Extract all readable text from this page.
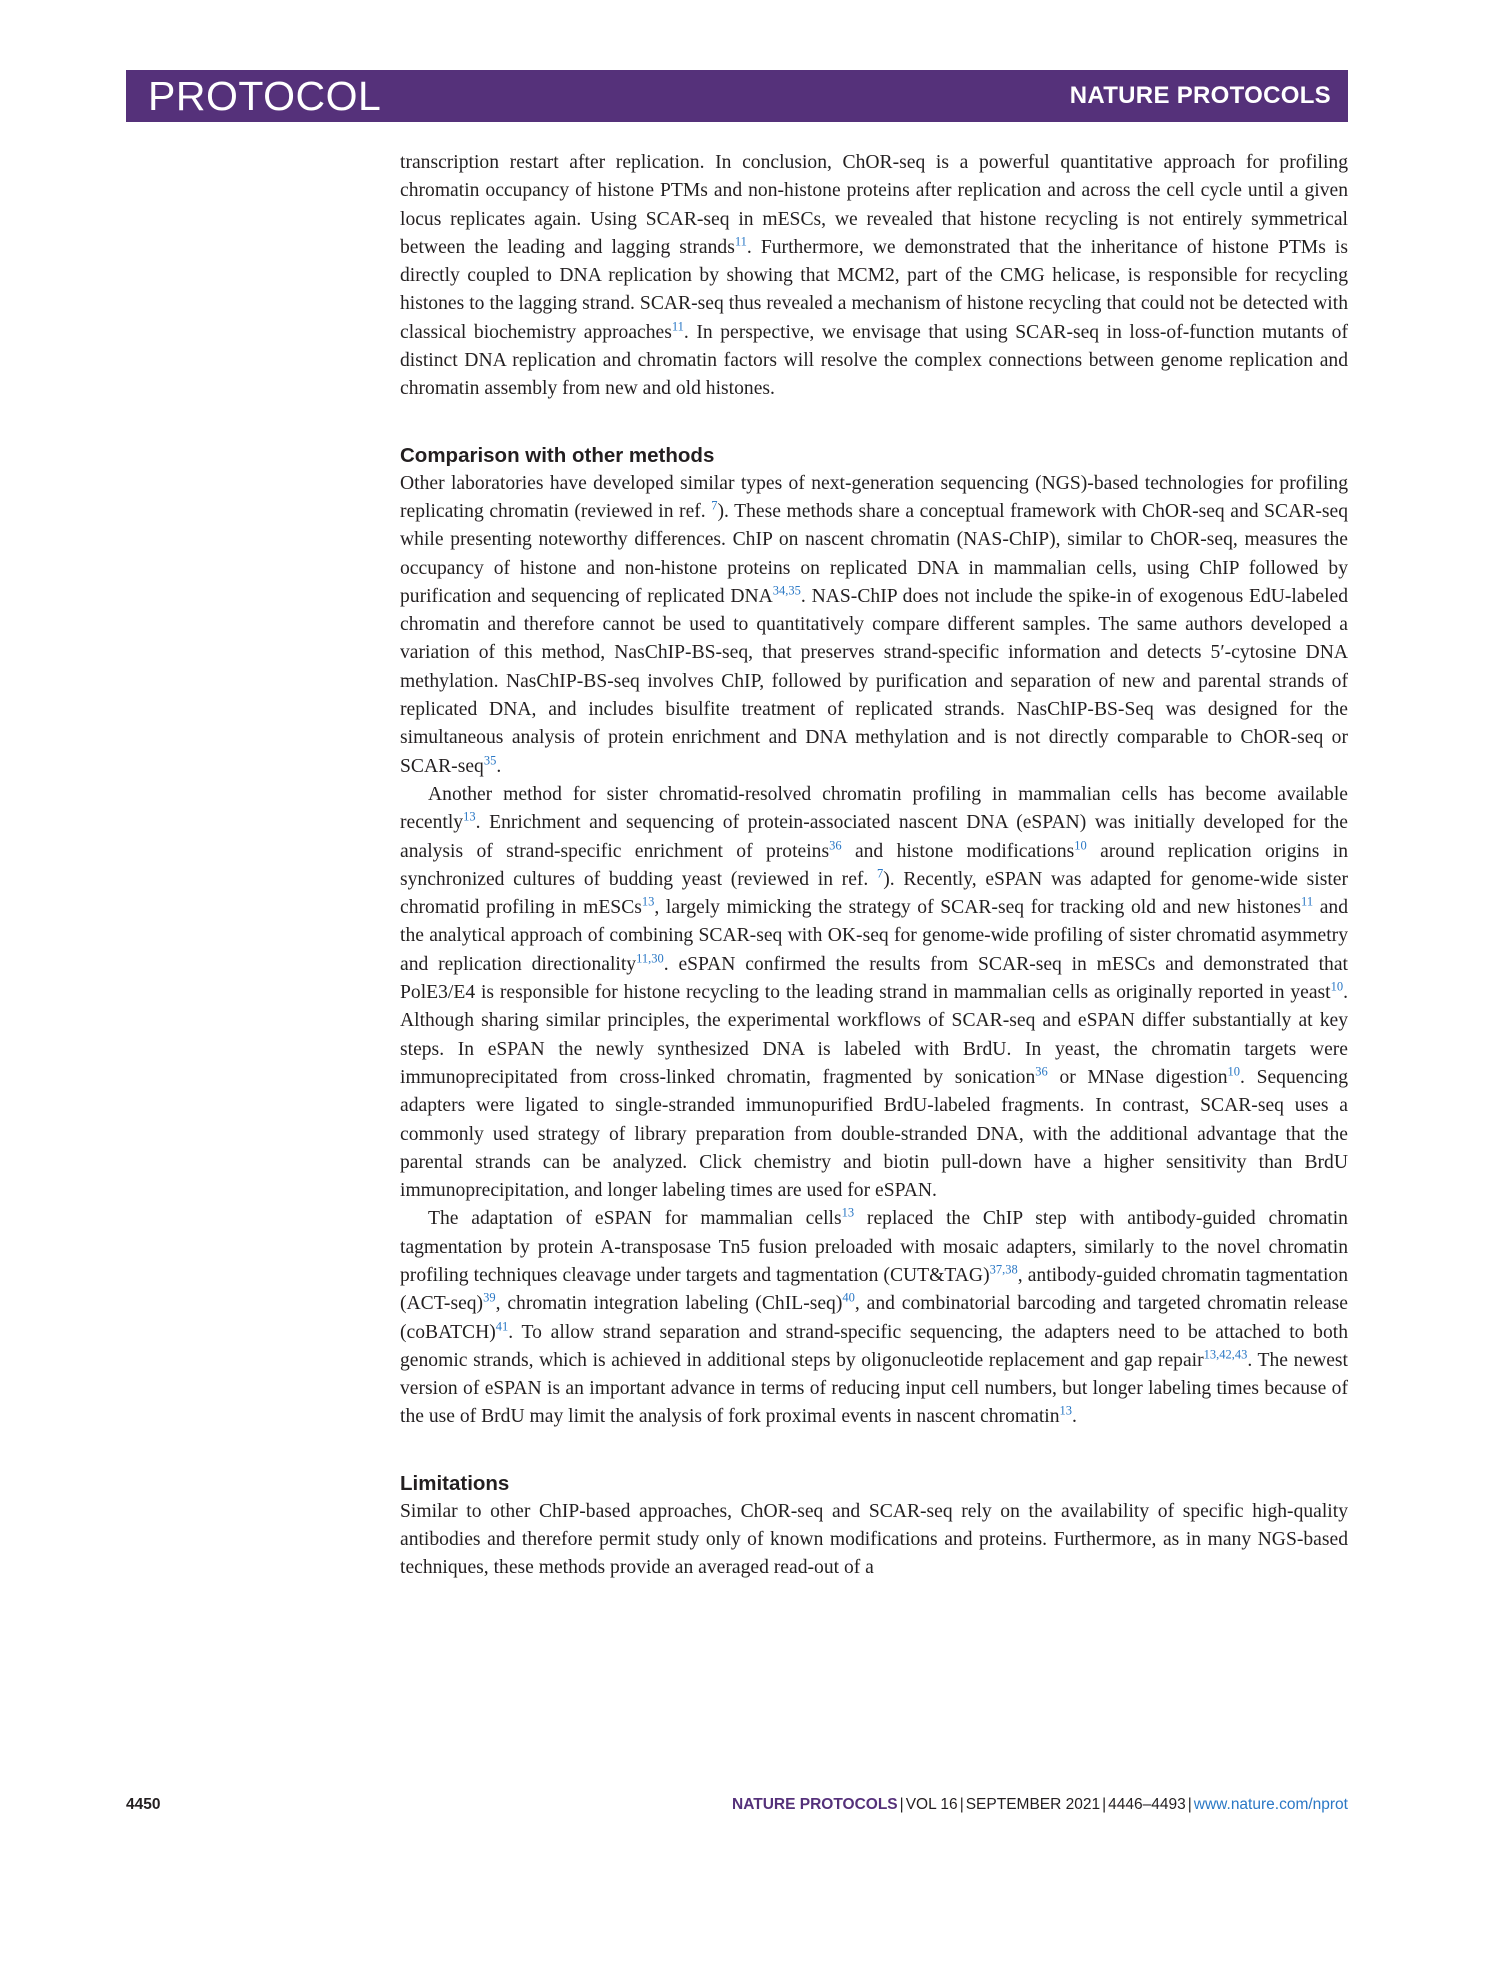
PROTOCOL	NATURE PROTOCOLS

transcription restart after replication. In conclusion, ChOR-seq is a powerful quantitative approach for profiling chromatin occupancy of histone PTMs and non-histone proteins after replication and across the cell cycle until a given locus replicates again. Using SCAR-seq in mESCs, we revealed that histone recycling is not entirely symmetrical between the leading and lagging strands$^{11}$. Furthermore, we demonstrated that the inheritance of histone PTMs is directly coupled to DNA replication by showing that MCM2, part of the CMG helicase, is responsible for recycling histones to the lagging strand. SCAR-seq thus revealed a mechanism of histone recycling that could not be detected with classical biochemistry approaches$^{11}$. In perspective, we envisage that using SCAR-seq in loss-of-function mutants of distinct DNA replication and chromatin factors will resolve the complex connections between genome replication and chromatin assembly from new and old histones.

Comparison with other methods

Other laboratories have developed similar types of next-generation sequencing (NGS)-based technologies for profiling replicating chromatin (reviewed in ref. $^7$). These methods share a conceptual framework with ChOR-seq and SCAR-seq while presenting noteworthy differences. ChIP on nascent chromatin (NAS-ChIP), similar to ChOR-seq, measures the occupancy of histone and non-histone proteins on replicated DNA in mammalian cells, using ChIP followed by purification and sequencing of replicated DNA$^{34,35}$. NAS-ChIP does not include the spike-in of exogenous EdU-labeled chromatin and therefore cannot be used to quantitatively compare different samples. The same authors developed a variation of this method, NasChIP-BS-seq, that preserves strand-specific information and detects 5′-cytosine DNA methylation. NasChIP-BS-seq involves ChIP, followed by purification and separation of new and parental strands of replicated DNA, and includes bisulfite treatment of replicated strands. NasChIP-BS-Seq was designed for the simultaneous analysis of protein enrichment and DNA methylation and is not directly comparable to ChOR-seq or SCAR-seq$^{35}$.

Another method for sister chromatid-resolved chromatin profiling in mammalian cells has become available recently$^{13}$. Enrichment and sequencing of protein-associated nascent DNA (eSPAN) was initially developed for the analysis of strand-specific enrichment of proteins$^{36}$ and histone modifications$^{10}$ around replication origins in synchronized cultures of budding yeast (reviewed in ref. $^7$). Recently, eSPAN was adapted for genome-wide sister chromatid profiling in mESCs$^{13}$, largely mimicking the strategy of SCAR-seq for tracking old and new histones$^{11}$ and the analytical approach of combining SCAR-seq with OK-seq for genome-wide profiling of sister chromatid asymmetry and replication directionality$^{11,30}$. eSPAN confirmed the results from SCAR-seq in mESCs and demonstrated that PolE3/E4 is responsible for histone recycling to the leading strand in mammalian cells as originally reported in yeast$^{10}$. Although sharing similar principles, the experimental workflows of SCAR-seq and eSPAN differ substantially at key steps. In eSPAN the newly synthesized DNA is labeled with BrdU. In yeast, the chromatin targets were immunoprecipitated from cross-linked chromatin, fragmented by sonication$^{36}$ or MNase digestion$^{10}$. Sequencing adapters were ligated to single-stranded immunopurified BrdU-labeled fragments. In contrast, SCAR-seq uses a commonly used strategy of library preparation from double-stranded DNA, with the additional advantage that the parental strands can be analyzed. Click chemistry and biotin pull-down have a higher sensitivity than BrdU immunoprecipitation, and longer labeling times are used for eSPAN.

The adaptation of eSPAN for mammalian cells$^{13}$ replaced the ChIP step with antibody-guided chromatin tagmentation by protein A-transposase Tn5 fusion preloaded with mosaic adapters, similarly to the novel chromatin profiling techniques cleavage under targets and tagmentation (CUT&TAG)$^{37,38}$, antibody-guided chromatin tagmentation (ACT-seq)$^{39}$, chromatin integration labeling (ChIL-seq)$^{40}$, and combinatorial barcoding and targeted chromatin release (coBATCH)$^{41}$. To allow strand separation and strand-specific sequencing, the adapters need to be attached to both genomic strands, which is achieved in additional steps by oligonucleotide replacement and gap repair$^{13,42,43}$. The newest version of eSPAN is an important advance in terms of reducing input cell numbers, but longer labeling times because of the use of BrdU may limit the analysis of fork proximal events in nascent chromatin$^{13}$.

Limitations

Similar to other ChIP-based approaches, ChOR-seq and SCAR-seq rely on the availability of specific high-quality antibodies and therefore permit study only of known modifications and proteins. Furthermore, as in many NGS-based techniques, these methods provide an averaged read-out of a

4450	NATURE PROTOCOLS | VOL 16 | SEPTEMBER 2021 | 4446–4493 | www.nature.com/nprot
